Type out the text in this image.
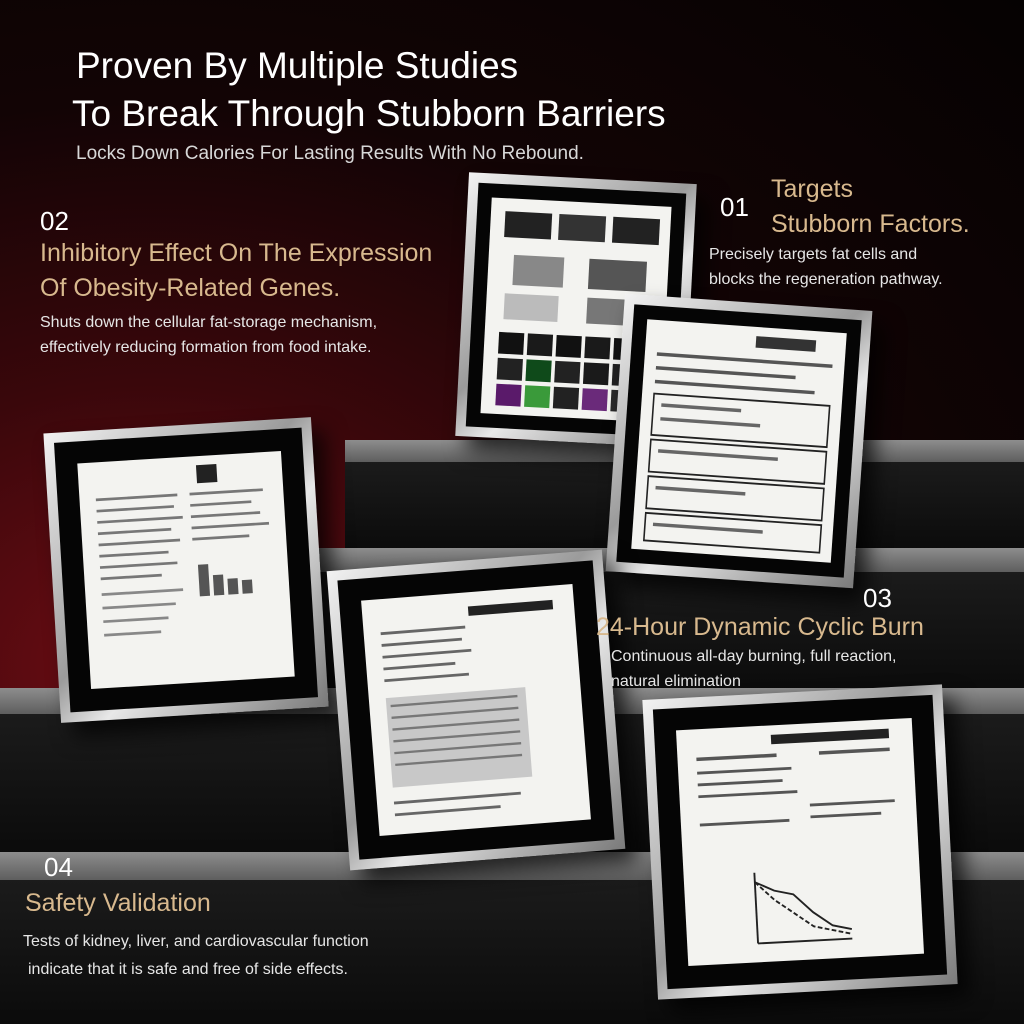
Proven By Multiple Studies
To Break Through Stubborn Barriers
Locks Down Calories For Lasting Results With No Rebound.
01
Targets
Stubborn Factors.
Precisely targets fat cells and
blocks the regeneration pathway.
02
Inhibitory Effect On The Expression
Of Obesity-Related Genes.
Shuts down the cellular fat-storage mechanism,
effectively reducing formation from food intake.
03
24-Hour Dynamic Cyclic Burn
Continuous all-day burning, full reaction,
natural elimination
04
Safety Validation
Tests of kidney, liver, and cardiovascular function
indicate that it is safe and free of side effects.
